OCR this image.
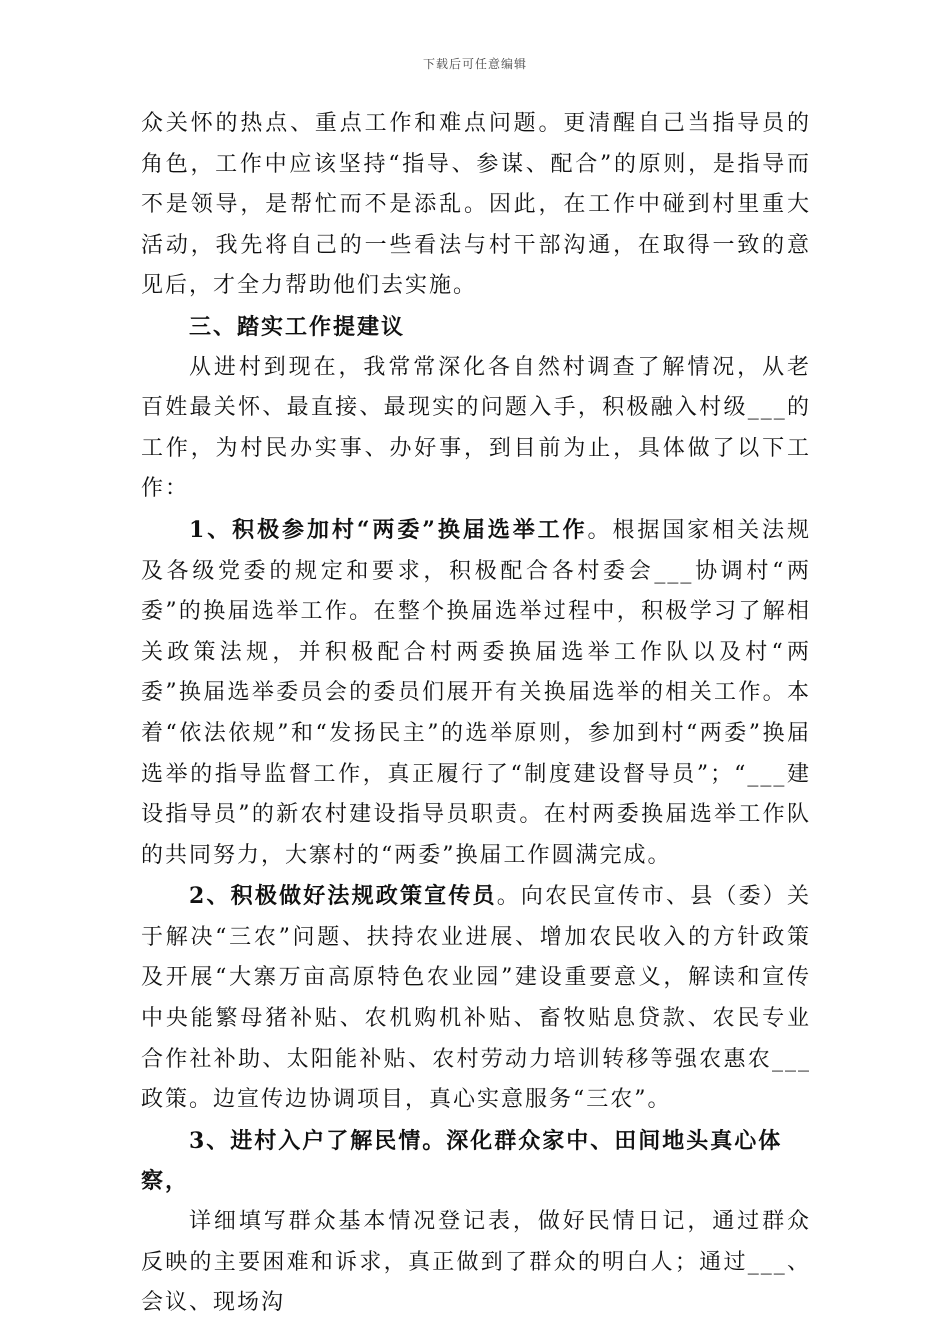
下载后可任意编辑

众关怀的热点、重点工作和难点问题。更清醒自己当指导员的角色，工作中应该坚持“指导、参谋、配合”的原则，是指导而不是领导，是帮忙而不是添乱。因此，在工作中碰到村里重大活动，我先将自己的一些看法与村干部沟通，在取得一致的意见后，才全力帮助他们去实施。

三、踏实工作提建议

从进村到现在，我常常深化各自然村调查了解情况，从老百姓最关怀、最直接、最现实的问题入手，积极融入村级___的工作，为村民办实事、办好事，到目前为止，具体做了以下工作：

1、积极参加村“两委”换届选举工作。根据国家相关法规及各级党委的规定和要求，积极配合各村委会___协调村“两委”的换届选举工作。在整个换届选举过程中，积极学习了解相关政策法规，并积极配合村两委换届选举工作队以及村“两委”换届选举委员会的委员们展开有关换届选举的相关工作。本着“依法依规”和“发扬民主”的选举原则，参加到村“两委”换届选举的指导监督工作，真正履行了“制度建设督导员”；“___建设指导员”的新农村建设指导员职责。在村两委换届选举工作队的共同努力，大寨村的“两委”换届工作圆满完成。

2、积极做好法规政策宣传员。向农民宣传市、县（委）关于解决“三农”问题、扶持农业进展、增加农民收入的方针政策及开展“大寨万亩高原特色农业园”建设重要意义，解读和宣传中央能繁母猪补贴、农机购机补贴、畜牧贴息贷款、农民专业合作社补助、太阳能补贴、农村劳动力培训转移等强农惠农___政策。边宣传边协调项目，真心实意服务“三农”。

3、进村入户了解民情。深化群众家中、田间地头真心体察，

详细填写群众基本情况登记表，做好民情日记，通过群众反映的主要困难和诉求，真正做到了群众的明白人；通过___、会议、现场沟
